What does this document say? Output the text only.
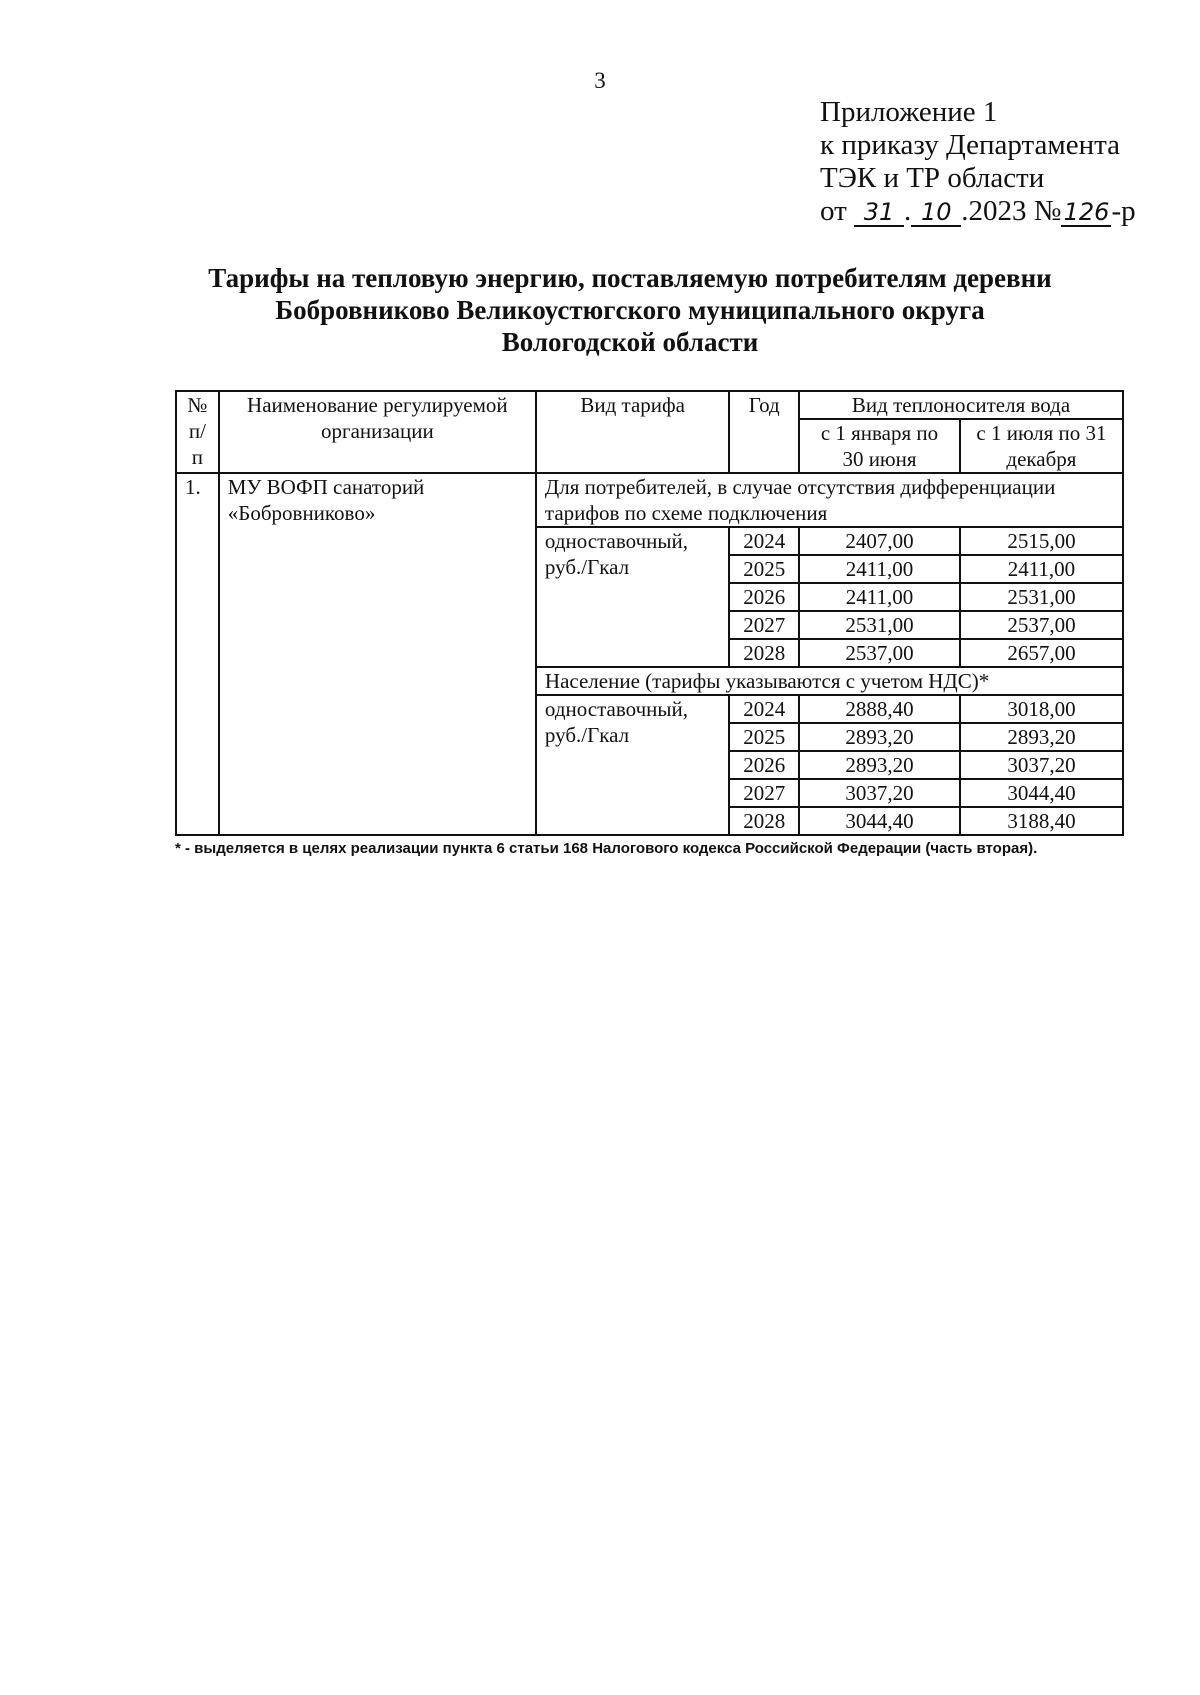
3
Приложение 1
к приказу Департамента
ТЭК и ТР области
от 31 . 10 .2023 №126-р
Тарифы на тепловую энергию, поставляемую потребителям деревни
Бобровниково Великоустюгского муниципального округа
Вологодской области
№ п/п	Наименование регулируемой организации	Вид тарифа	Год	Вид теплоносителя вода	
				с 1 января по 30 июня	с 1 июля по 31 декабря
1.	МУ ВОФП санаторий «Бобровниково»	Для потребителей, в случае отсутствия дифференциации тарифов по схеме подключения			
		одноставочный, руб./Гкал	2024	2407,00	2515,00
			2025	2411,00	2411,00
			2026	2411,00	2531,00
			2027	2531,00	2537,00
			2028	2537,00	2657,00
		Население (тарифы указываются с учетом НДС)*			
		одноставочный, руб./Гкал	2024	2888,40	3018,00
			2025	2893,20	2893,20
			2026	2893,20	3037,20
			2027	3037,20	3044,40
			2028	3044,40	3188,40
* - выделяется в целях реализации пункта 6 статьи 168 Налогового кодекса Российской Федерации (часть вторая).
